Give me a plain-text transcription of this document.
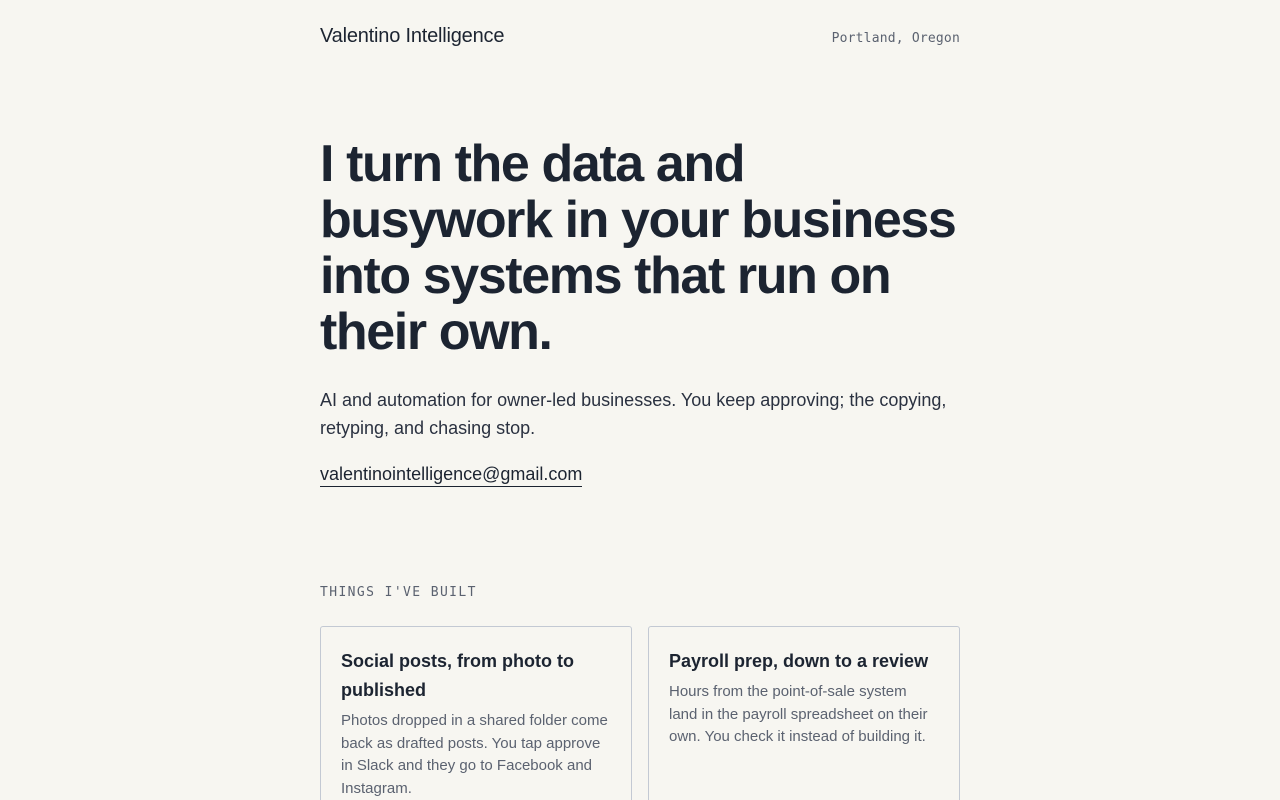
Valentino Intelligence	Portland, Oregon
I turn the data and busywork in your business into systems that run on their own.

AI and automation for owner-led businesses. You keep approving; the copying, retyping, and chasing stop.

valentinointelligence@gmail.com
THINGS I'VE BUILT
Social posts, from photo to published

Photos dropped in a shared folder come back as drafted posts. You tap approve in Slack and they go to Facebook and Instagram.

Payroll prep, down to a review

Hours from the point-of-sale system land in the payroll spreadsheet on their own. You check it instead of building it.
